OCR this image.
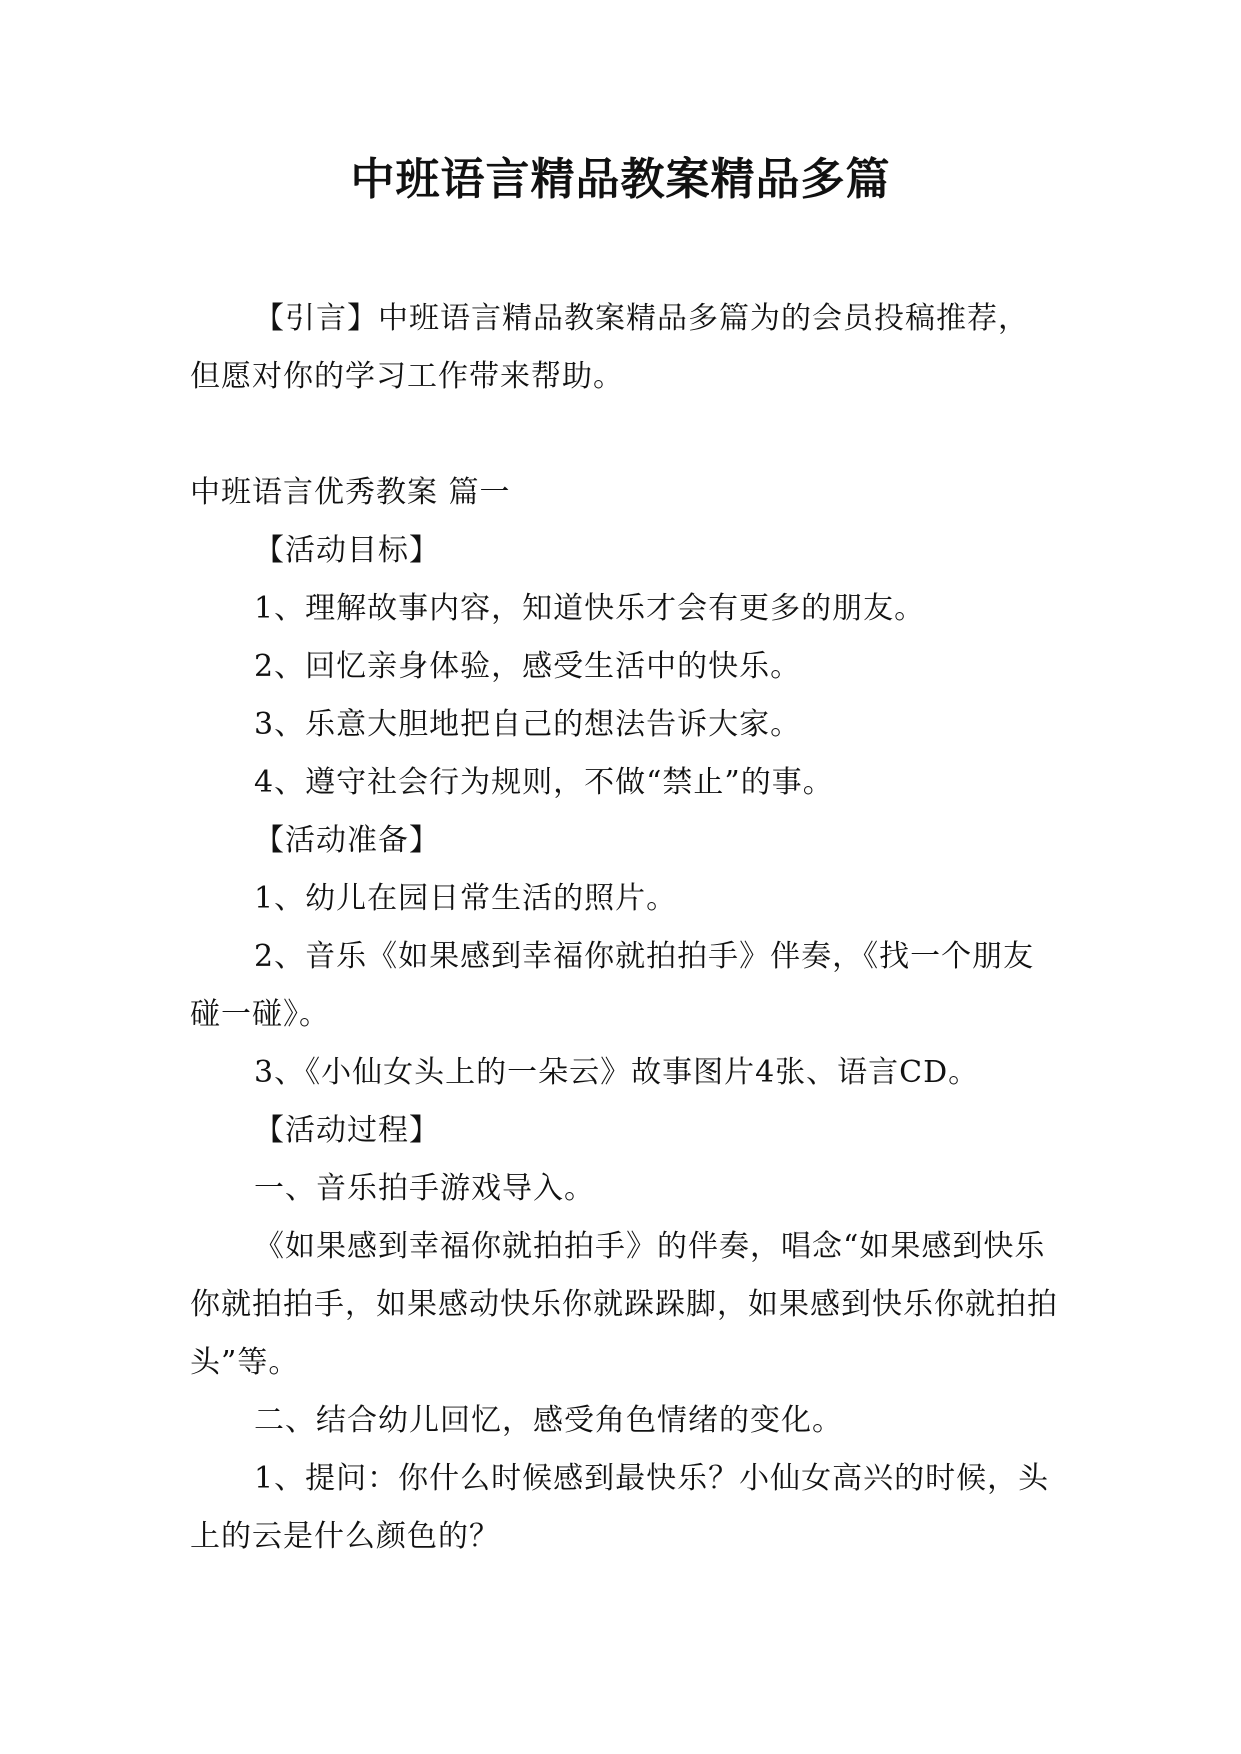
中班语言精品教案精品多篇

【引言】中班语言精品教案精品多篇为的会员投稿推荐，

但愿对你的学习工作带来帮助。

中班语言优秀教案 篇一

【活动目标】

1、理解故事内容，知道快乐才会有更多的朋友。

2、回忆亲身体验，感受生活中的快乐。

3、乐意大胆地把自己的想法告诉大家。

4、遵守社会行为规则，不做“禁止”的事。

【活动准备】

1、幼儿在园日常生活的照片。

2、音乐《如果感到幸福你就拍拍手》伴奏，《找一个朋友碰一碰》。

3、《小仙女头上的一朵云》故事图片4张、语言CD。

【活动过程】

一、音乐拍手游戏导入。

《如果感到幸福你就拍拍手》的伴奏，唱念“如果感到快乐你就拍拍手，如果感动快乐你就跺跺脚，如果感到快乐你就拍拍头”等。

二、结合幼儿回忆，感受角色情绪的变化。

1、提问：你什么时候感到最快乐？小仙女高兴的时候，头上的云是什么颜色的？
